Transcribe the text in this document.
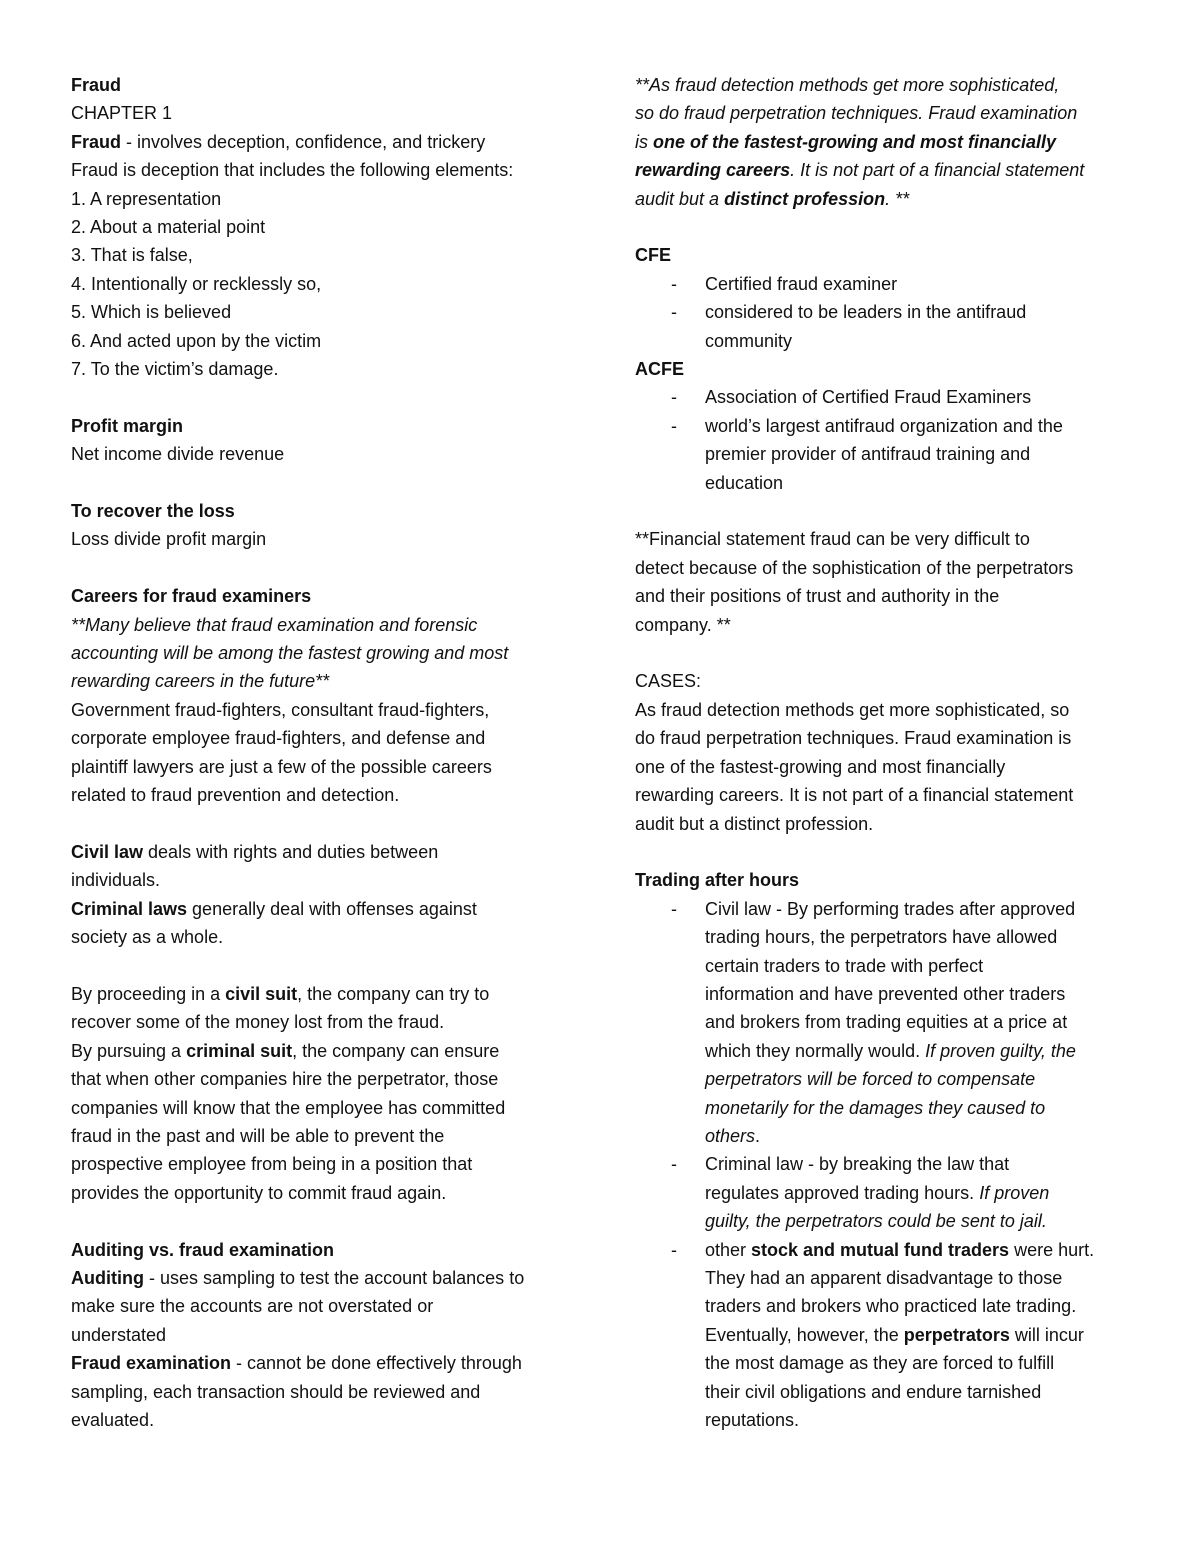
Fraud
CHAPTER 1
Fraud - involves deception, confidence, and trickery
Fraud is deception that includes the following elements:
1. A representation
2. About a material point
3. That is false,
4. Intentionally or recklessly so,
5. Which is believed
6. And acted upon by the victim
7. To the victim’s damage.
Profit margin
Net income divide revenue
To recover the loss
Loss divide profit margin
Careers for fraud examiners
**Many believe that fraud examination and forensic
accounting will be among the fastest growing and most
rewarding careers in the future**
Government fraud-fighters, consultant fraud-fighters,
corporate employee fraud-fighters, and defense and
plaintiff lawyers are just a few of the possible careers
related to fraud prevention and detection.
Civil law deals with rights and duties between
individuals.
Criminal laws generally deal with offenses against
society as a whole.
By proceeding in a civil suit, the company can try to
recover some of the money lost from the fraud.
By pursuing a criminal suit, the company can ensure
that when other companies hire the perpetrator, those
companies will know that the employee has committed
fraud in the past and will be able to prevent the
prospective employee from being in a position that
provides the opportunity to commit fraud again.
Auditing vs. fraud examination
Auditing - uses sampling to test the account balances to
make sure the accounts are not overstated or
understated
Fraud examination - cannot be done effectively through
sampling, each transaction should be reviewed and
evaluated.
**As fraud detection methods get more sophisticated,
so do fraud perpetration techniques. Fraud examination
is one of the fastest-growing and most financially
rewarding careers. It is not part of a financial statement
audit but a distinct profession. **
CFE
- Certified fraud examiner
- considered to be leaders in the antifraud
community
ACFE
- Association of Certified Fraud Examiners
- world’s largest antifraud organization and the
premier provider of antifraud training and
education
**Financial statement fraud can be very difficult to
detect because of the sophistication of the perpetrators
and their positions of trust and authority in the
company. **
CASES:
As fraud detection methods get more sophisticated, so
do fraud perpetration techniques. Fraud examination is
one of the fastest-growing and most financially
rewarding careers. It is not part of a financial statement
audit but a distinct profession.
Trading after hours
- Civil law - By performing trades after approved
trading hours, the perpetrators have allowed
certain traders to trade with perfect
information and have prevented other traders
and brokers from trading equities at a price at
which they normally would. If proven guilty, the
perpetrators will be forced to compensate
monetarily for the damages they caused to
others.
- Criminal law - by breaking the law that
regulates approved trading hours. If proven
guilty, the perpetrators could be sent to jail.
- other stock and mutual fund traders were hurt.
They had an apparent disadvantage to those
traders and brokers who practiced late trading.
Eventually, however, the perpetrators will incur
the most damage as they are forced to fulfill
their civil obligations and endure tarnished
reputations.
